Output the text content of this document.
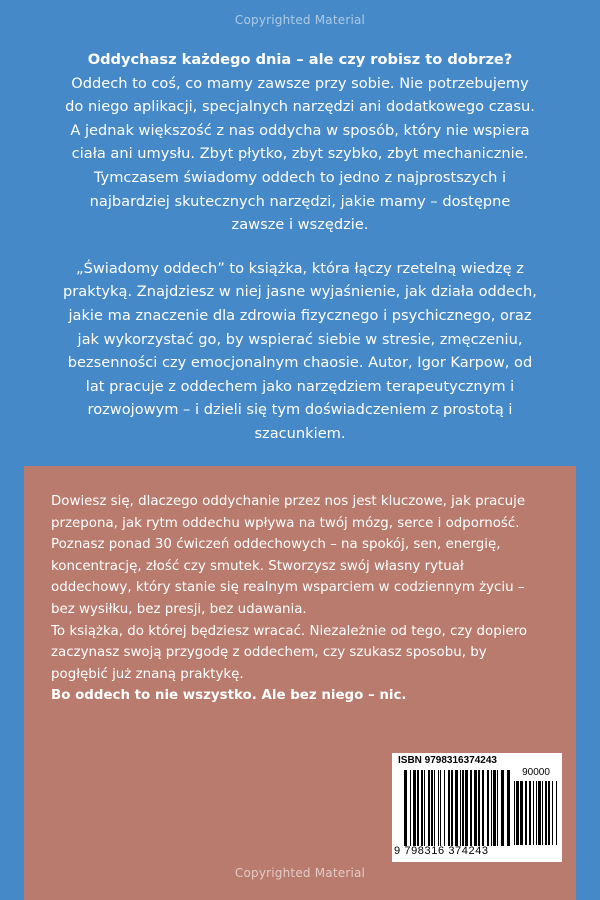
Copyrighted Material

Oddychasz każdego dnia – ale czy robisz to dobrze?

Oddech to coś, co mamy zawsze przy sobie. Nie potrzebujemy

do niego aplikacji, specjalnych narzędzi ani dodatkowego czasu.

A jednak większość z nas oddycha w sposób, który nie wspiera

ciała ani umysłu. Zbyt płytko, zbyt szybko, zbyt mechanicznie.

Tymczasem świadomy oddech to jedno z najprostszych i

najbardziej skutecznych narzędzi, jakie mamy – dostępne

zawsze i wszędzie.

„Świadomy oddech” to książka, która łączy rzetelną wiedzę z

praktyką. Znajdziesz w niej jasne wyjaśnienie, jak działa oddech,

jakie ma znaczenie dla zdrowia fizycznego i psychicznego, oraz

jak wykorzystać go, by wspierać siebie w stresie, zmęczeniu,

bezsenności czy emocjonalnym chaosie. Autor, Igor Karpow, od

lat pracuje z oddechem jako narzędziem terapeutycznym i

rozwojowym – i dzieli się tym doświadczeniem z prostotą i

szacunkiem.

Dowiesz się, dlaczego oddychanie przez nos jest kluczowe, jak pracuje

przepona, jak rytm oddechu wpływa na twój mózg, serce i odporność.

Poznasz ponad 30 ćwiczeń oddechowych – na spokój, sen, energię,

koncentrację, złość czy smutek. Stworzysz swój własny rytuał

oddechowy, który stanie się realnym wsparciem w codziennym życiu –

bez wysiłku, bez presji, bez udawania.

To książka, do której będziesz wracać. Niezależnie od tego, czy dopiero

zaczynasz swoją przygodę z oddechem, czy szukasz sposobu, by

pogłębić już znaną praktykę.

Bo oddech to nie wszystko. Ale bez niego – nic.

ISBN 9798316374243
90000
9 798316 374243
Copyrighted Material
